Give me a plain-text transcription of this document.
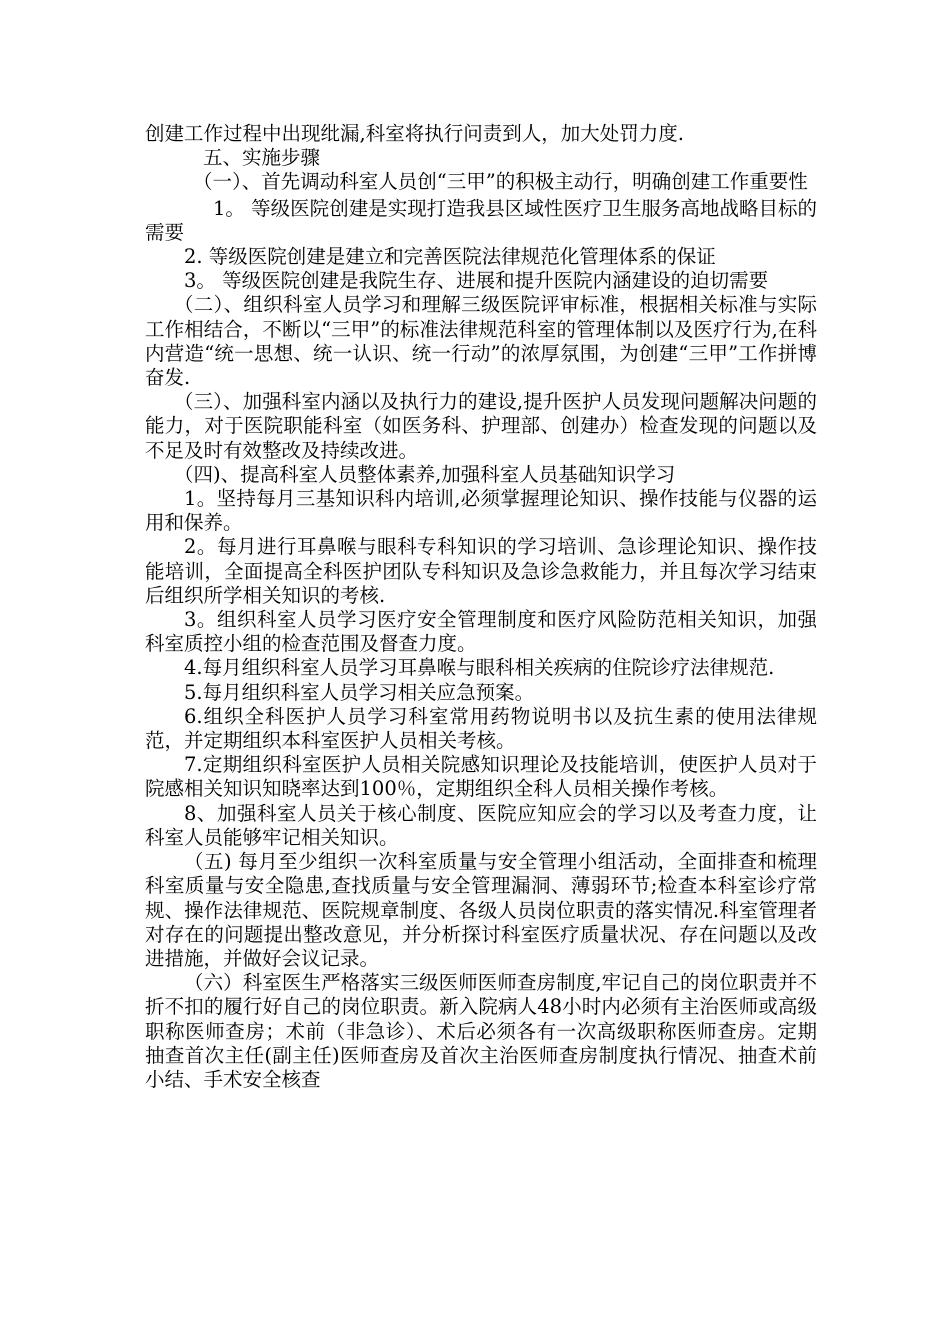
创建工作过程中出现纰漏,科室将执行问责到人，加大处罚力度.

五、实施步骤

（一）、首先调动科室人员创“三甲”的积极主动行，明确创建工作重要性

1。 等级医院创建是实现打造我县区域性医疗卫生服务高地战略目标的需要

2. 等级医院创建是建立和完善医院法律规范化管理体系的保证

3。 等级医院创建是我院生存、进展和提升医院内涵建设的迫切需要

（二）、组织科室人员学习和理解三级医院评审标准，根据相关标准与实际工作相结合，不断以“三甲”的标准法律规范科室的管理体制以及医疗行为,在科内营造“统一思想、统一认识、统一行动”的浓厚氛围，为创建“三甲”工作拼博奋发.

（三）、加强科室内涵以及执行力的建设,提升医护人员发现问题解决问题的能力，对于医院职能科室（如医务科、护理部、创建办）检查发现的问题以及不足及时有效整改及持续改进。

（四)、提高科室人员整体素养,加强科室人员基础知识学习

1。坚持每月三基知识科内培训,必须掌握理论知识、操作技能与仪器的运用和保养。

2。每月进行耳鼻喉与眼科专科知识的学习培训、急诊理论知识、操作技能培训，全面提高全科医护团队专科知识及急诊急救能力，并且每次学习结束后组织所学相关知识的考核.

3。组织科室人员学习医疗安全管理制度和医疗风险防范相关知识，加强科室质控小组的检查范围及督查力度。

4.每月组织科室人员学习耳鼻喉与眼科相关疾病的住院诊疗法律规范.

5.每月组织科室人员学习相关应急预案。

6.组织全科医护人员学习科室常用药物说明书以及抗生素的使用法律规范，并定期组织本科室医护人员相关考核。

7.定期组织科室医护人员相关院感知识理论及技能培训，使医护人员对于院感相关知识知晓率达到100％，定期组织全科人员相关操作考核。

8、加强科室人员关于核心制度、医院应知应会的学习以及考查力度，让科室人员能够牢记相关知识。

（五) 每月至少组织一次科室质量与安全管理小组活动，全面排查和梳理科室质量与安全隐患,查找质量与安全管理漏洞、薄弱环节;检查本科室诊疗常规、操作法律规范、医院规章制度、各级人员岗位职责的落实情况.科室管理者对存在的问题提出整改意见，并分析探讨科室医疗质量状况、存在问题以及改进措施，并做好会议记录。

（六）科室医生严格落实三级医师医师查房制度,牢记自己的岗位职责并不折不扣的履行好自己的岗位职责。新入院病人48小时内必须有主治医师或高级职称医师查房；术前（非急诊）、术后必须各有一次高级职称医师查房。定期抽查首次主任(副主任)医师查房及首次主治医师查房制度执行情况、抽查术前小结、手术安全核查
